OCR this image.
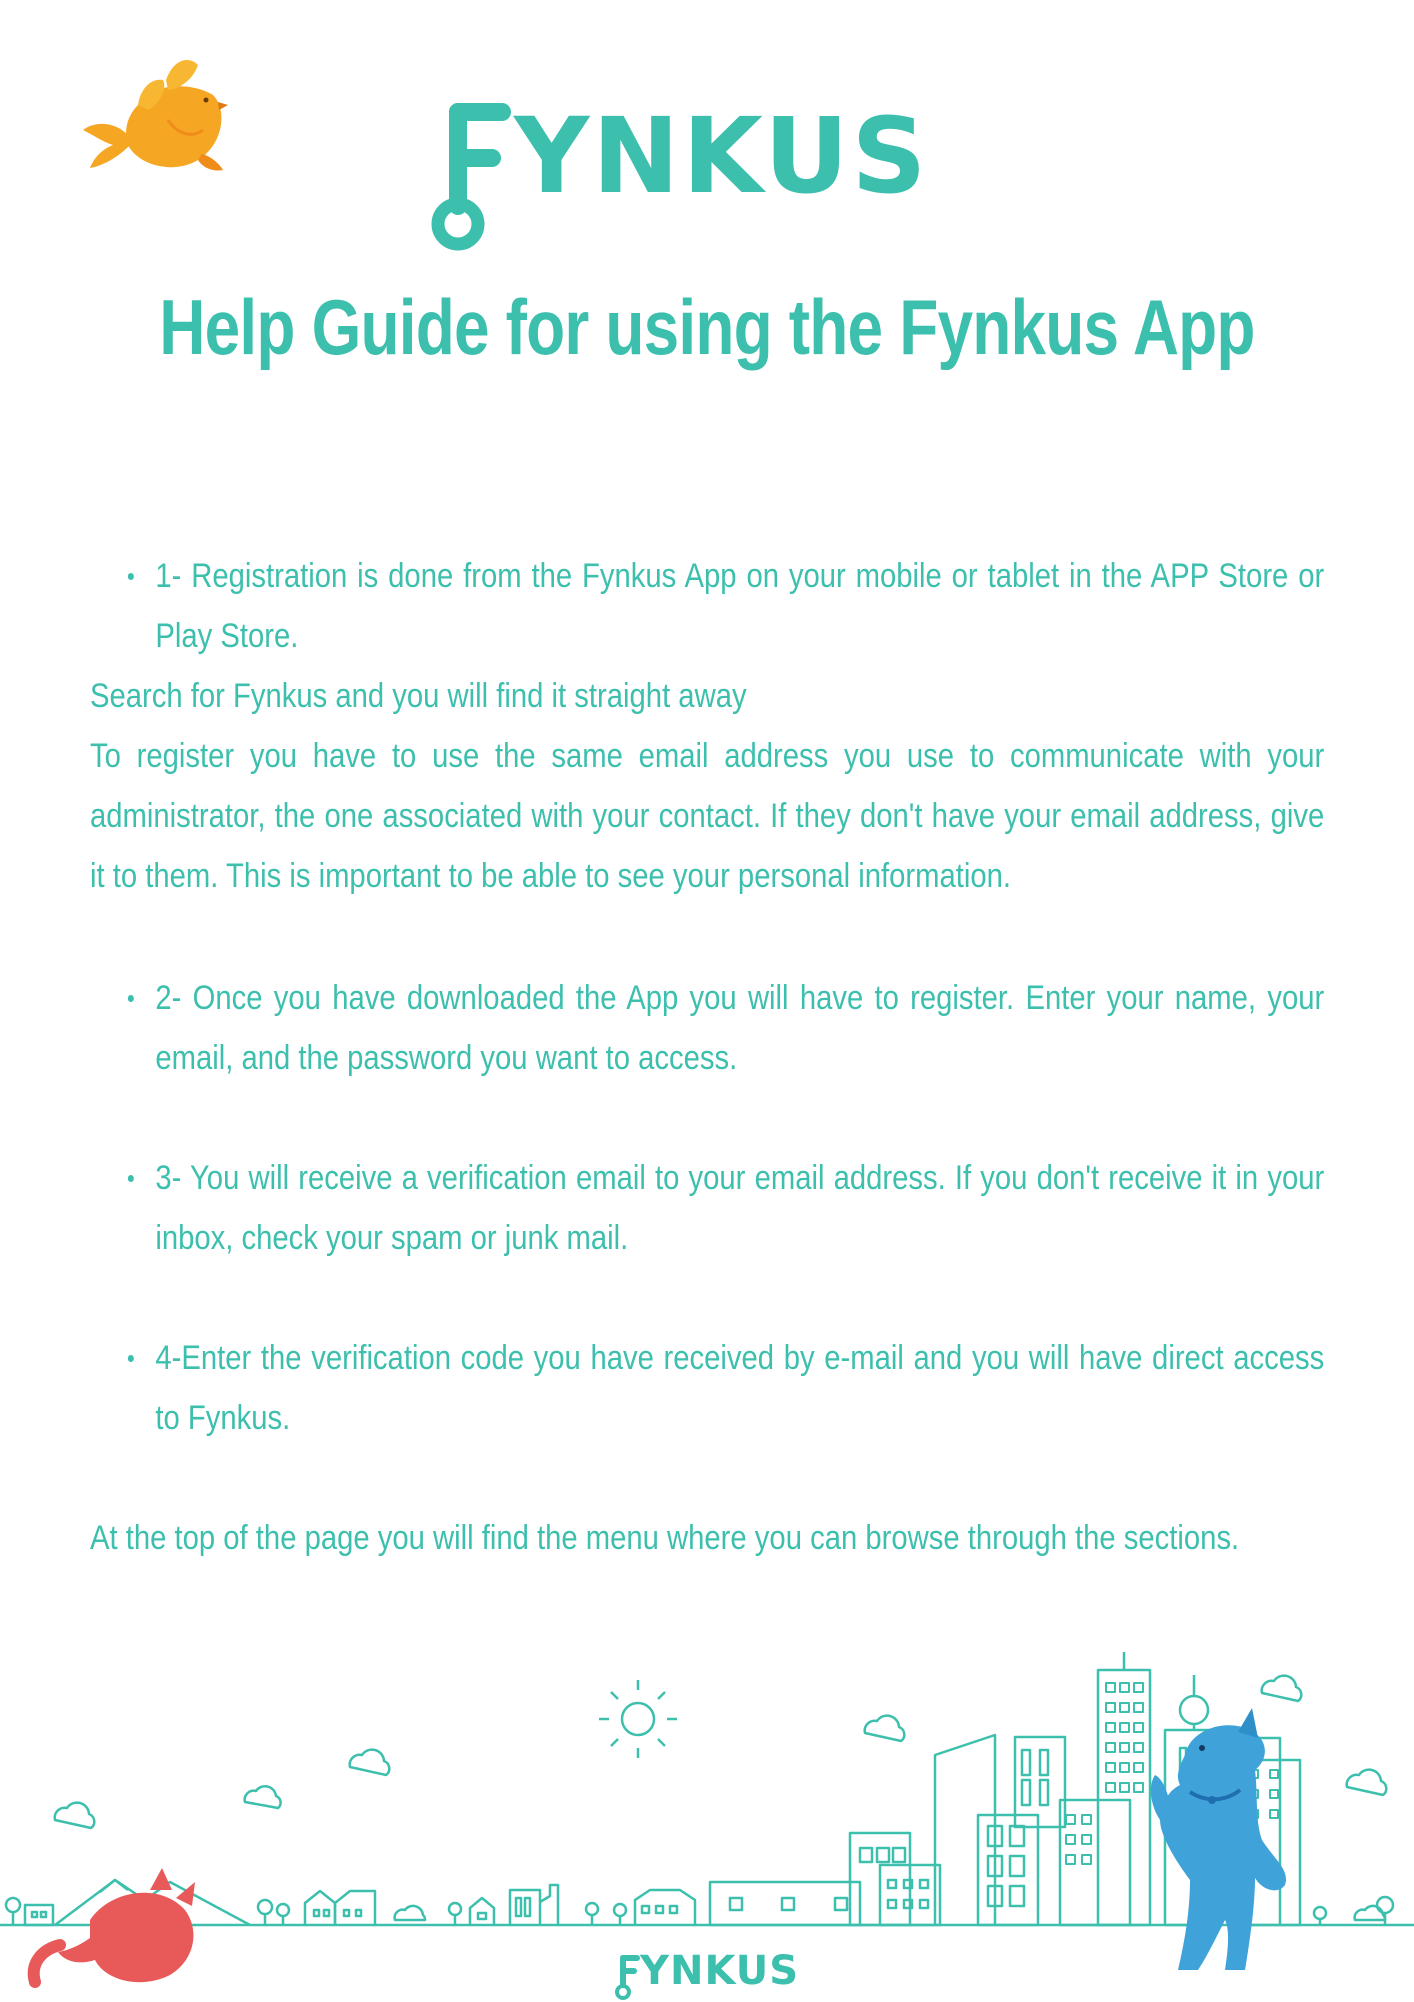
YNKUS
Help Guide for using the Fynkus App
1- Registration is done from the Fynkus App on your mobile or tablet in the APP Store or Play Store.
Search for Fynkus and you will find it straight away
To register you have to use the same email address you use to communicate with your administrator, the one associated with your contact. If they don't have your email address, give it to them. This is important to be able to see your personal information.
2- Once you have downloaded the App you will have to register. Enter your name, your email, and the password you want to access.
3- You will receive a verification email to your email address. If you don't receive it in your inbox, check your spam or junk mail.
4-Enter the verification code you have received by e-mail and you will have direct access to Fynkus.
At the top of the page you will find the menu where you can browse through the sections.
YNKUS
